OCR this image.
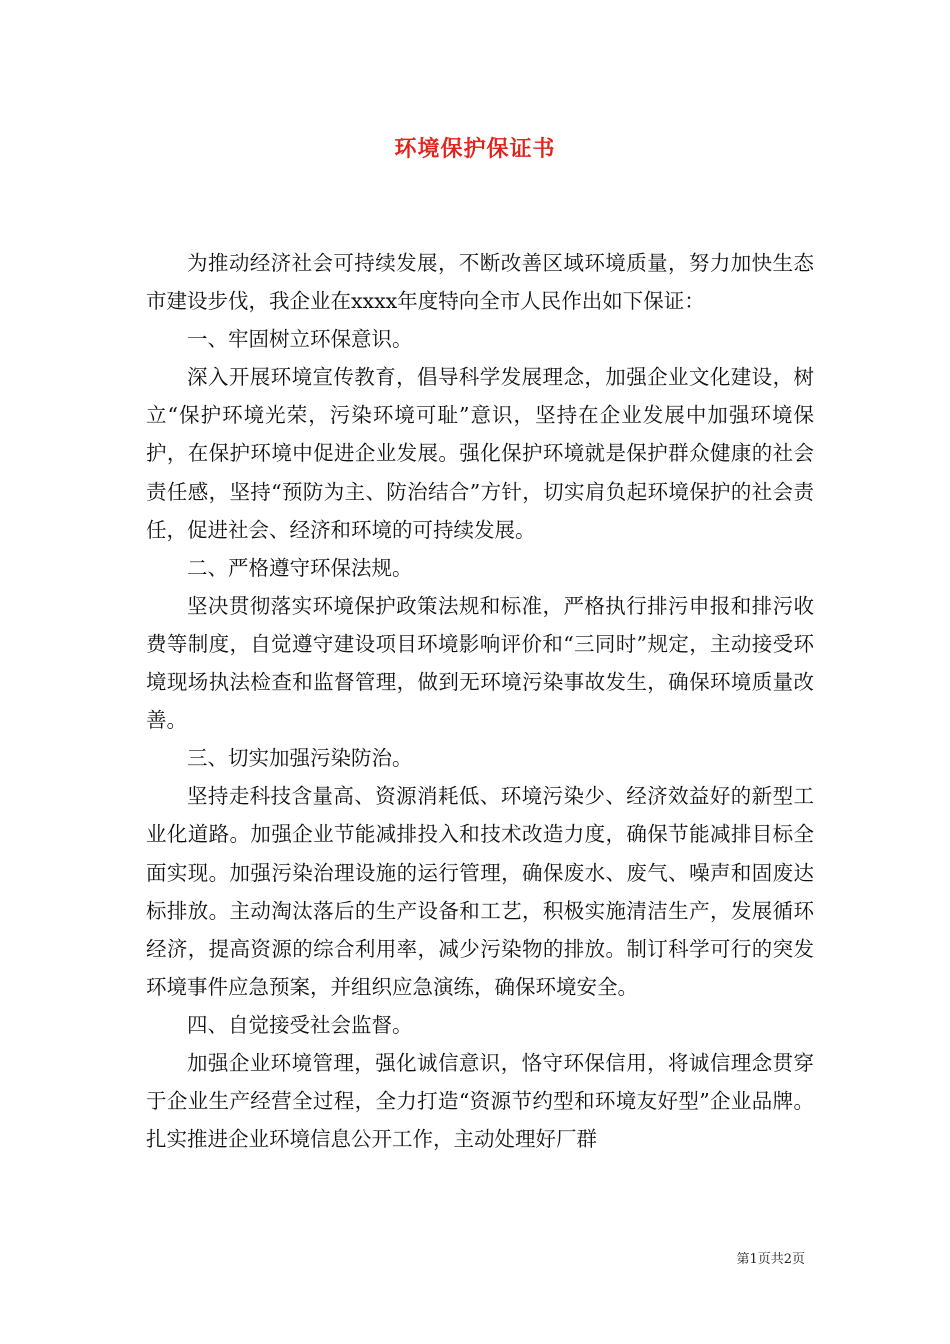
环境保护保证书

为推动经济社会可持续发展，不断改善区域环境质量，努力加快生态市建设步伐，我企业在xxxx年度特向全市人民作出如下保证：

一、牢固树立环保意识。

深入开展环境宣传教育，倡导科学发展理念，加强企业文化建设，树立“保护环境光荣，污染环境可耻”意识，坚持在企业发展中加强环境保护，在保护环境中促进企业发展。强化保护环境就是保护群众健康的社会责任感，坚持“预防为主、防治结合”方针，切实肩负起环境保护的社会责任，促进社会、经济和环境的可持续发展。

二、严格遵守环保法规。

坚决贯彻落实环境保护政策法规和标准，严格执行排污申报和排污收费等制度，自觉遵守建设项目环境影响评价和“三同时”规定，主动接受环境现场执法检查和监督管理，做到无环境污染事故发生，确保环境质量改善。

三、切实加强污染防治。

坚持走科技含量高、资源消耗低、环境污染少、经济效益好的新型工业化道路。加强企业节能减排投入和技术改造力度，确保节能减排目标全面实现。加强污染治理设施的运行管理，确保废水、废气、噪声和固废达标排放。主动淘汰落后的生产设备和工艺，积极实施清洁生产，发展循环经济，提高资源的综合利用率，减少污染物的排放。制订科学可行的突发环境事件应急预案，并组织应急演练，确保环境安全。

四、自觉接受社会监督。

加强企业环境管理，强化诚信意识，恪守环保信用，将诚信理念贯穿于企业生产经营全过程，全力打造“资源节约型和环境友好型”企业品牌。扎实推进企业环境信息公开工作，主动处理好厂群

第1页共2页
